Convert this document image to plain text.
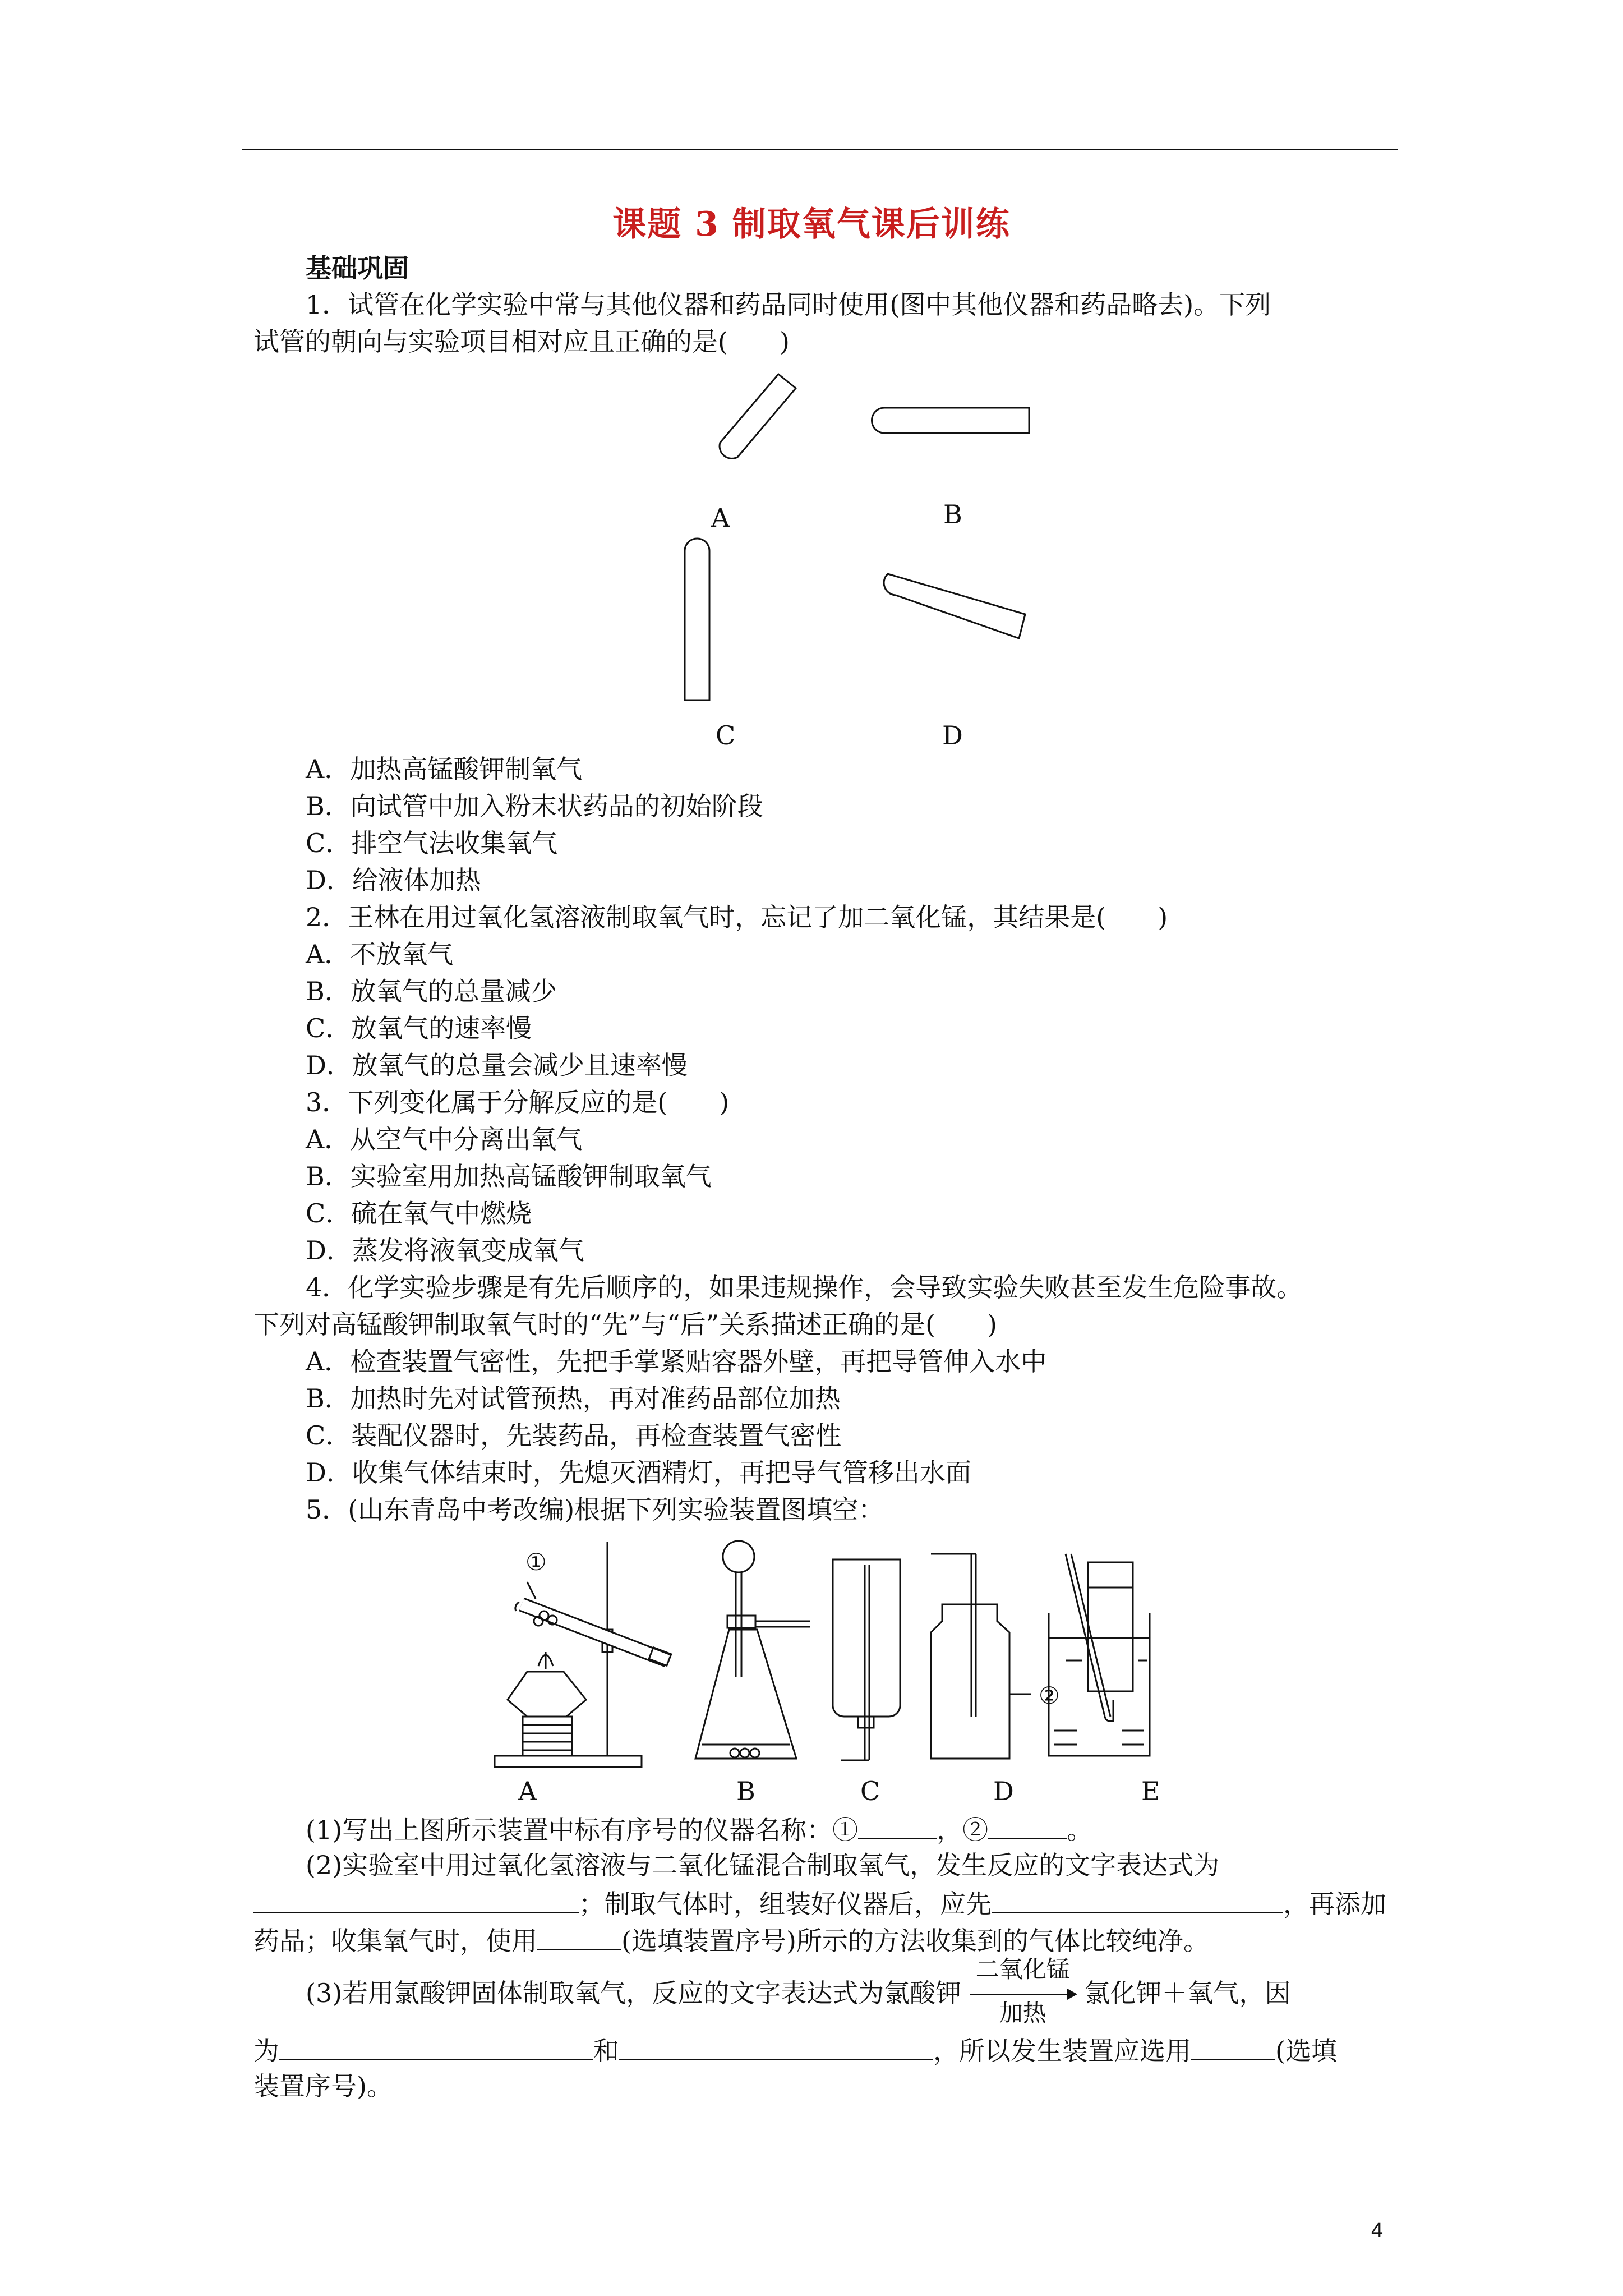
课题 3 制取氧气课后训练
基础巩固
1．试管在化学实验中常与其他仪器和药品同时使用(图中其他仪器和药品略去)。下列
试管的朝向与实验项目相对应且正确的是(　　)
A	B
C	D
A．加热高锰酸钾制氧气
B．向试管中加入粉末状药品的初始阶段
C．排空气法收集氧气
D．给液体加热
2．王林在用过氧化氢溶液制取氧气时，忘记了加二氧化锰，其结果是(　　)
A．不放氧气
B．放氧气的总量减少
C．放氧气的速率慢
D．放氧气的总量会减少且速率慢
3．下列变化属于分解反应的是(　　)
A．从空气中分离出氧气
B．实验室用加热高锰酸钾制取氧气
C．硫在氧气中燃烧
D．蒸发将液氧变成氧气
4．化学实验步骤是有先后顺序的，如果违规操作，会导致实验失败甚至发生危险事故。
下列对高锰酸钾制取氧气时的“先”与“后”关系描述正确的是(　　)
A．检查装置气密性，先把手掌紧贴容器外壁，再把导管伸入水中
B．加热时先对试管预热，再对准药品部位加热
C．装配仪器时，先装药品，再检查装置气密性
D．收集气体结束时，先熄灭酒精灯，再把导气管移出水面
5．(山东青岛中考改编)根据下列实验装置图填空：
①
②
A	B	C	D	E
(1)写出上图所示装置中标有序号的仪器名称：①	，②	。
(2)实验室中用过氧化氢溶液与二氧化锰混合制取氧气，发生反应的文字表达式为
；制取气体时，组装好仪器后，应先	，再添加
药品；收集氧气时，使用	(选填装置序号)所示的方法收集到的气体比较纯净。
(3)若用氯酸钾固体制取氧气，反应的文字表达式为氯酸钾 $\frac{\text{二氧化锰}}{\text{加热}}$ 氯化钾＋氧气，因
为	和	，所以发生装置应选用	(选填
装置序号)。
4
